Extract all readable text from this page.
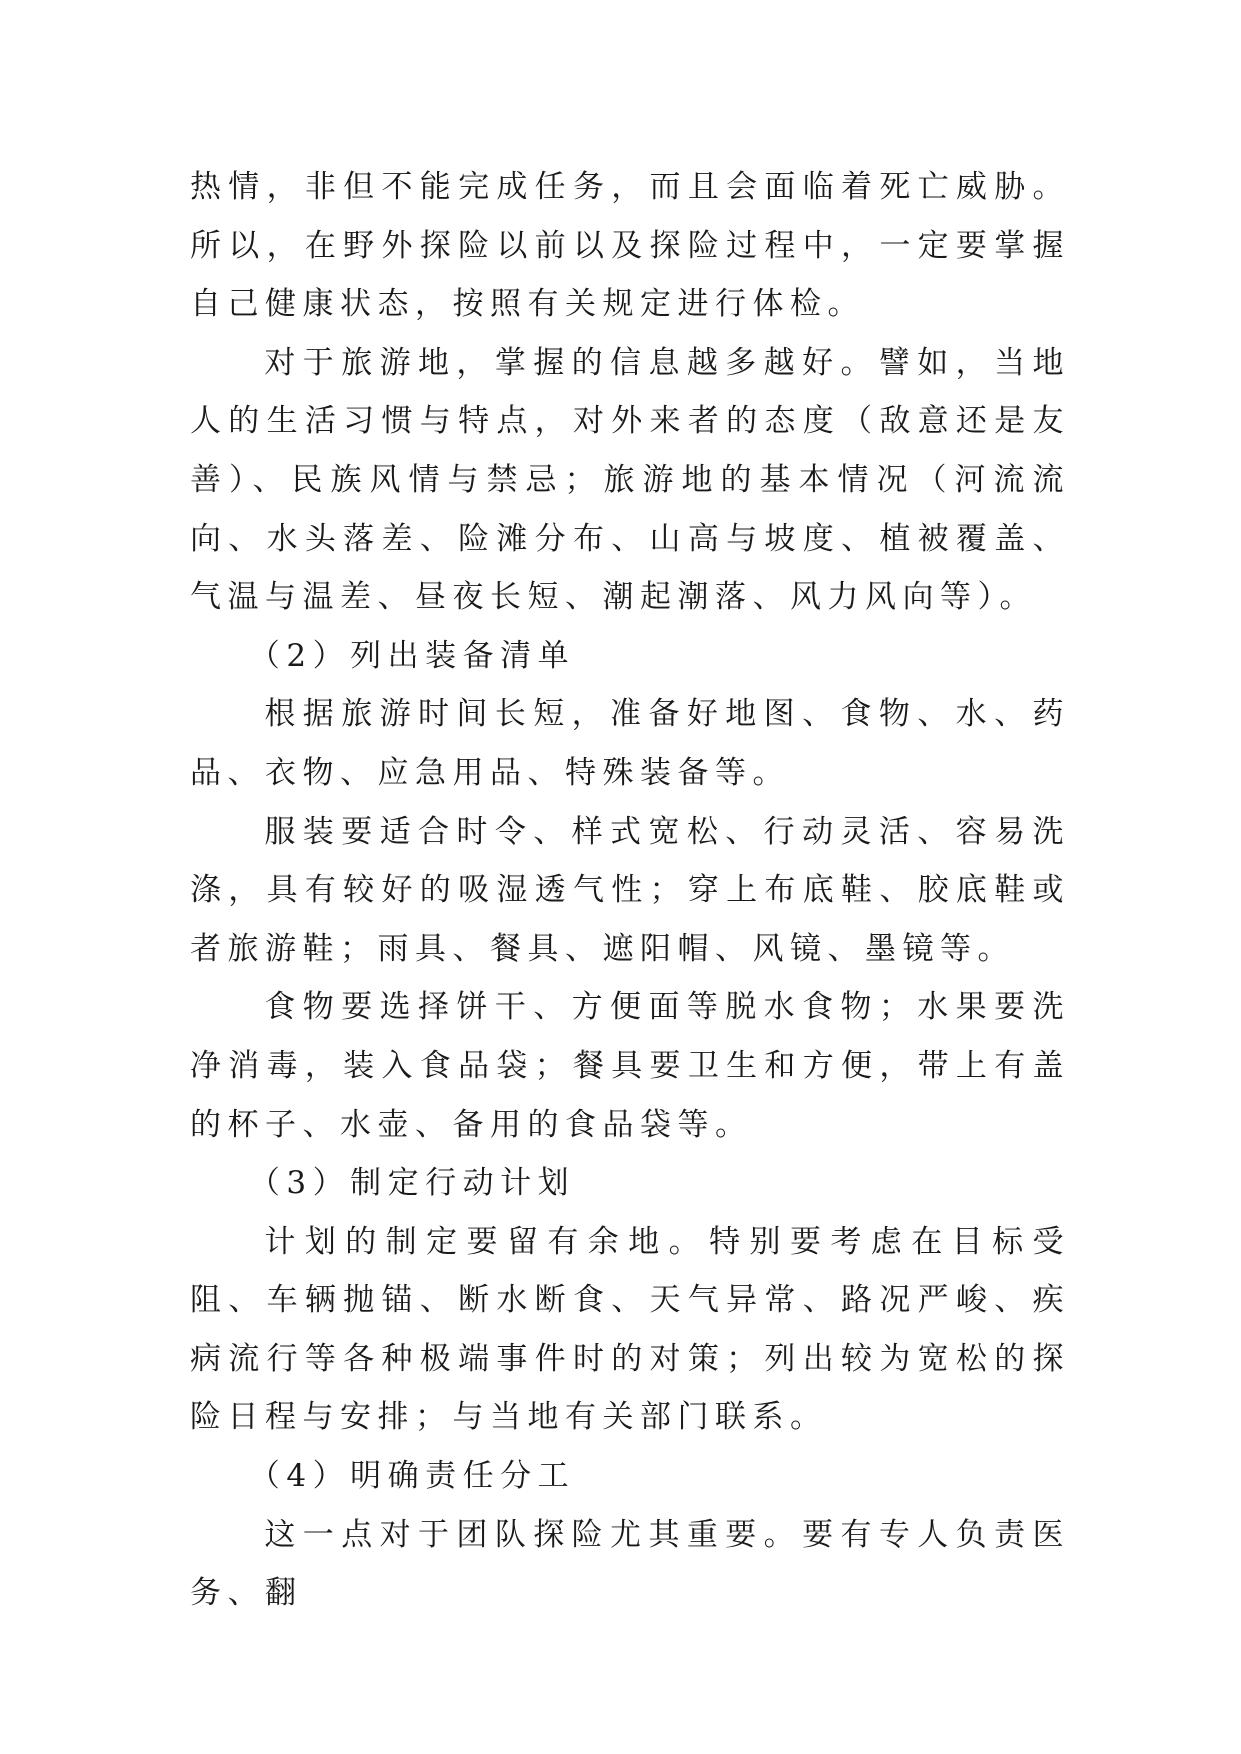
热情，非但不能完成任务，而且会面临着死亡威胁。所以，在野外探险以前以及探险过程中，一定要掌握自己健康状态，按照有关规定进行体检。

对于旅游地，掌握的信息越多越好。譬如，当地人的生活习惯与特点，对外来者的态度（敌意还是友善）、民族风情与禁忌；旅游地的基本情况（河流流向、水头落差、险滩分布、山高与坡度、植被覆盖、气温与温差、昼夜长短、潮起潮落、风力风向等）。

（2）列出装备清单

根据旅游时间长短，准备好地图、食物、水、药品、衣物、应急用品、特殊装备等。

服装要适合时令、样式宽松、行动灵活、容易洗涤，具有较好的吸湿透气性；穿上布底鞋、胶底鞋或者旅游鞋；雨具、餐具、遮阳帽、风镜、墨镜等。

食物要选择饼干、方便面等脱水食物；水果要洗净消毒，装入食品袋；餐具要卫生和方便，带上有盖的杯子、水壶、备用的食品袋等。

（3）制定行动计划

计划的制定要留有余地。特别要考虑在目标受阻、车辆抛锚、断水断食、天气异常、路况严峻、疾病流行等各种极端事件时的对策；列出较为宽松的探险日程与安排；与当地有关部门联系。

（4）明确责任分工

这一点对于团队探险尤其重要。要有专人负责医务、翻
